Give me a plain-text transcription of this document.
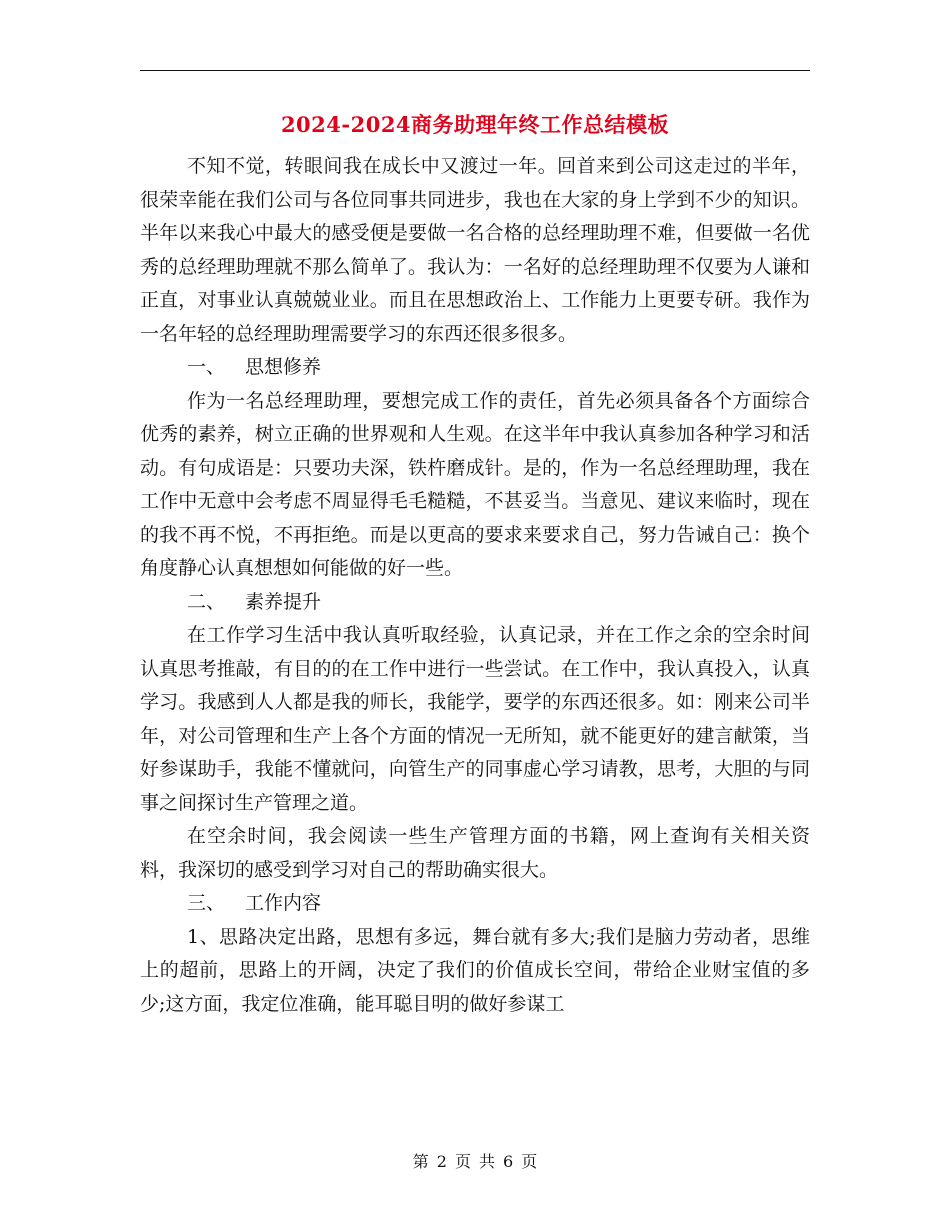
2024-2024商务助理年终工作总结模板

不知不觉，转眼间我在成长中又渡过一年。回首来到公司这走过的半年，很荣幸能在我们公司与各位同事共同进步，我也在大家的身上学到不少的知识。半年以来我心中最大的感受便是要做一名合格的总经理助理不难，但要做一名优秀的总经理助理就不那么简单了。我认为：一名好的总经理助理不仅要为人谦和正直，对事业认真兢兢业业。而且在思想政治上、工作能力上更要专研。我作为一名年轻的总经理助理需要学习的东西还很多很多。

一、 思想修养

作为一名总经理助理，要想完成工作的责任，首先必须具备各个方面综合优秀的素养，树立正确的世界观和人生观。在这半年中我认真参加各种学习和活动。有句成语是：只要功夫深，铁杵磨成针。是的，作为一名总经理助理，我在工作中无意中会考虑不周显得毛毛糙糙，不甚妥当。当意见、建议来临时，现在的我不再不悦，不再拒绝。而是以更高的要求来要求自己，努力告诫自己：换个角度静心认真想想如何能做的好一些。

二、 素养提升

在工作学习生活中我认真听取经验，认真记录，并在工作之余的空余时间认真思考推敲，有目的的在工作中进行一些尝试。在工作中，我认真投入，认真学习。我感到人人都是我的师长，我能学，要学的东西还很多。如：刚来公司半年，对公司管理和生产上各个方面的情况一无所知，就不能更好的建言献策，当好参谋助手，我能不懂就问，向管生产的同事虚心学习请教，思考，大胆的与同事之间探讨生产管理之道。

在空余时间，我会阅读一些生产管理方面的书籍，网上查询有关相关资料，我深切的感受到学习对自己的帮助确实很大。

三、 工作内容

1、思路决定出路，思想有多远，舞台就有多大;我们是脑力劳动者，思维上的超前，思路上的开阔，决定了我们的价值成长空间，带给企业财宝值的多少;这方面，我定位准确，能耳聪目明的做好参谋工

第 2 页 共 6 页
